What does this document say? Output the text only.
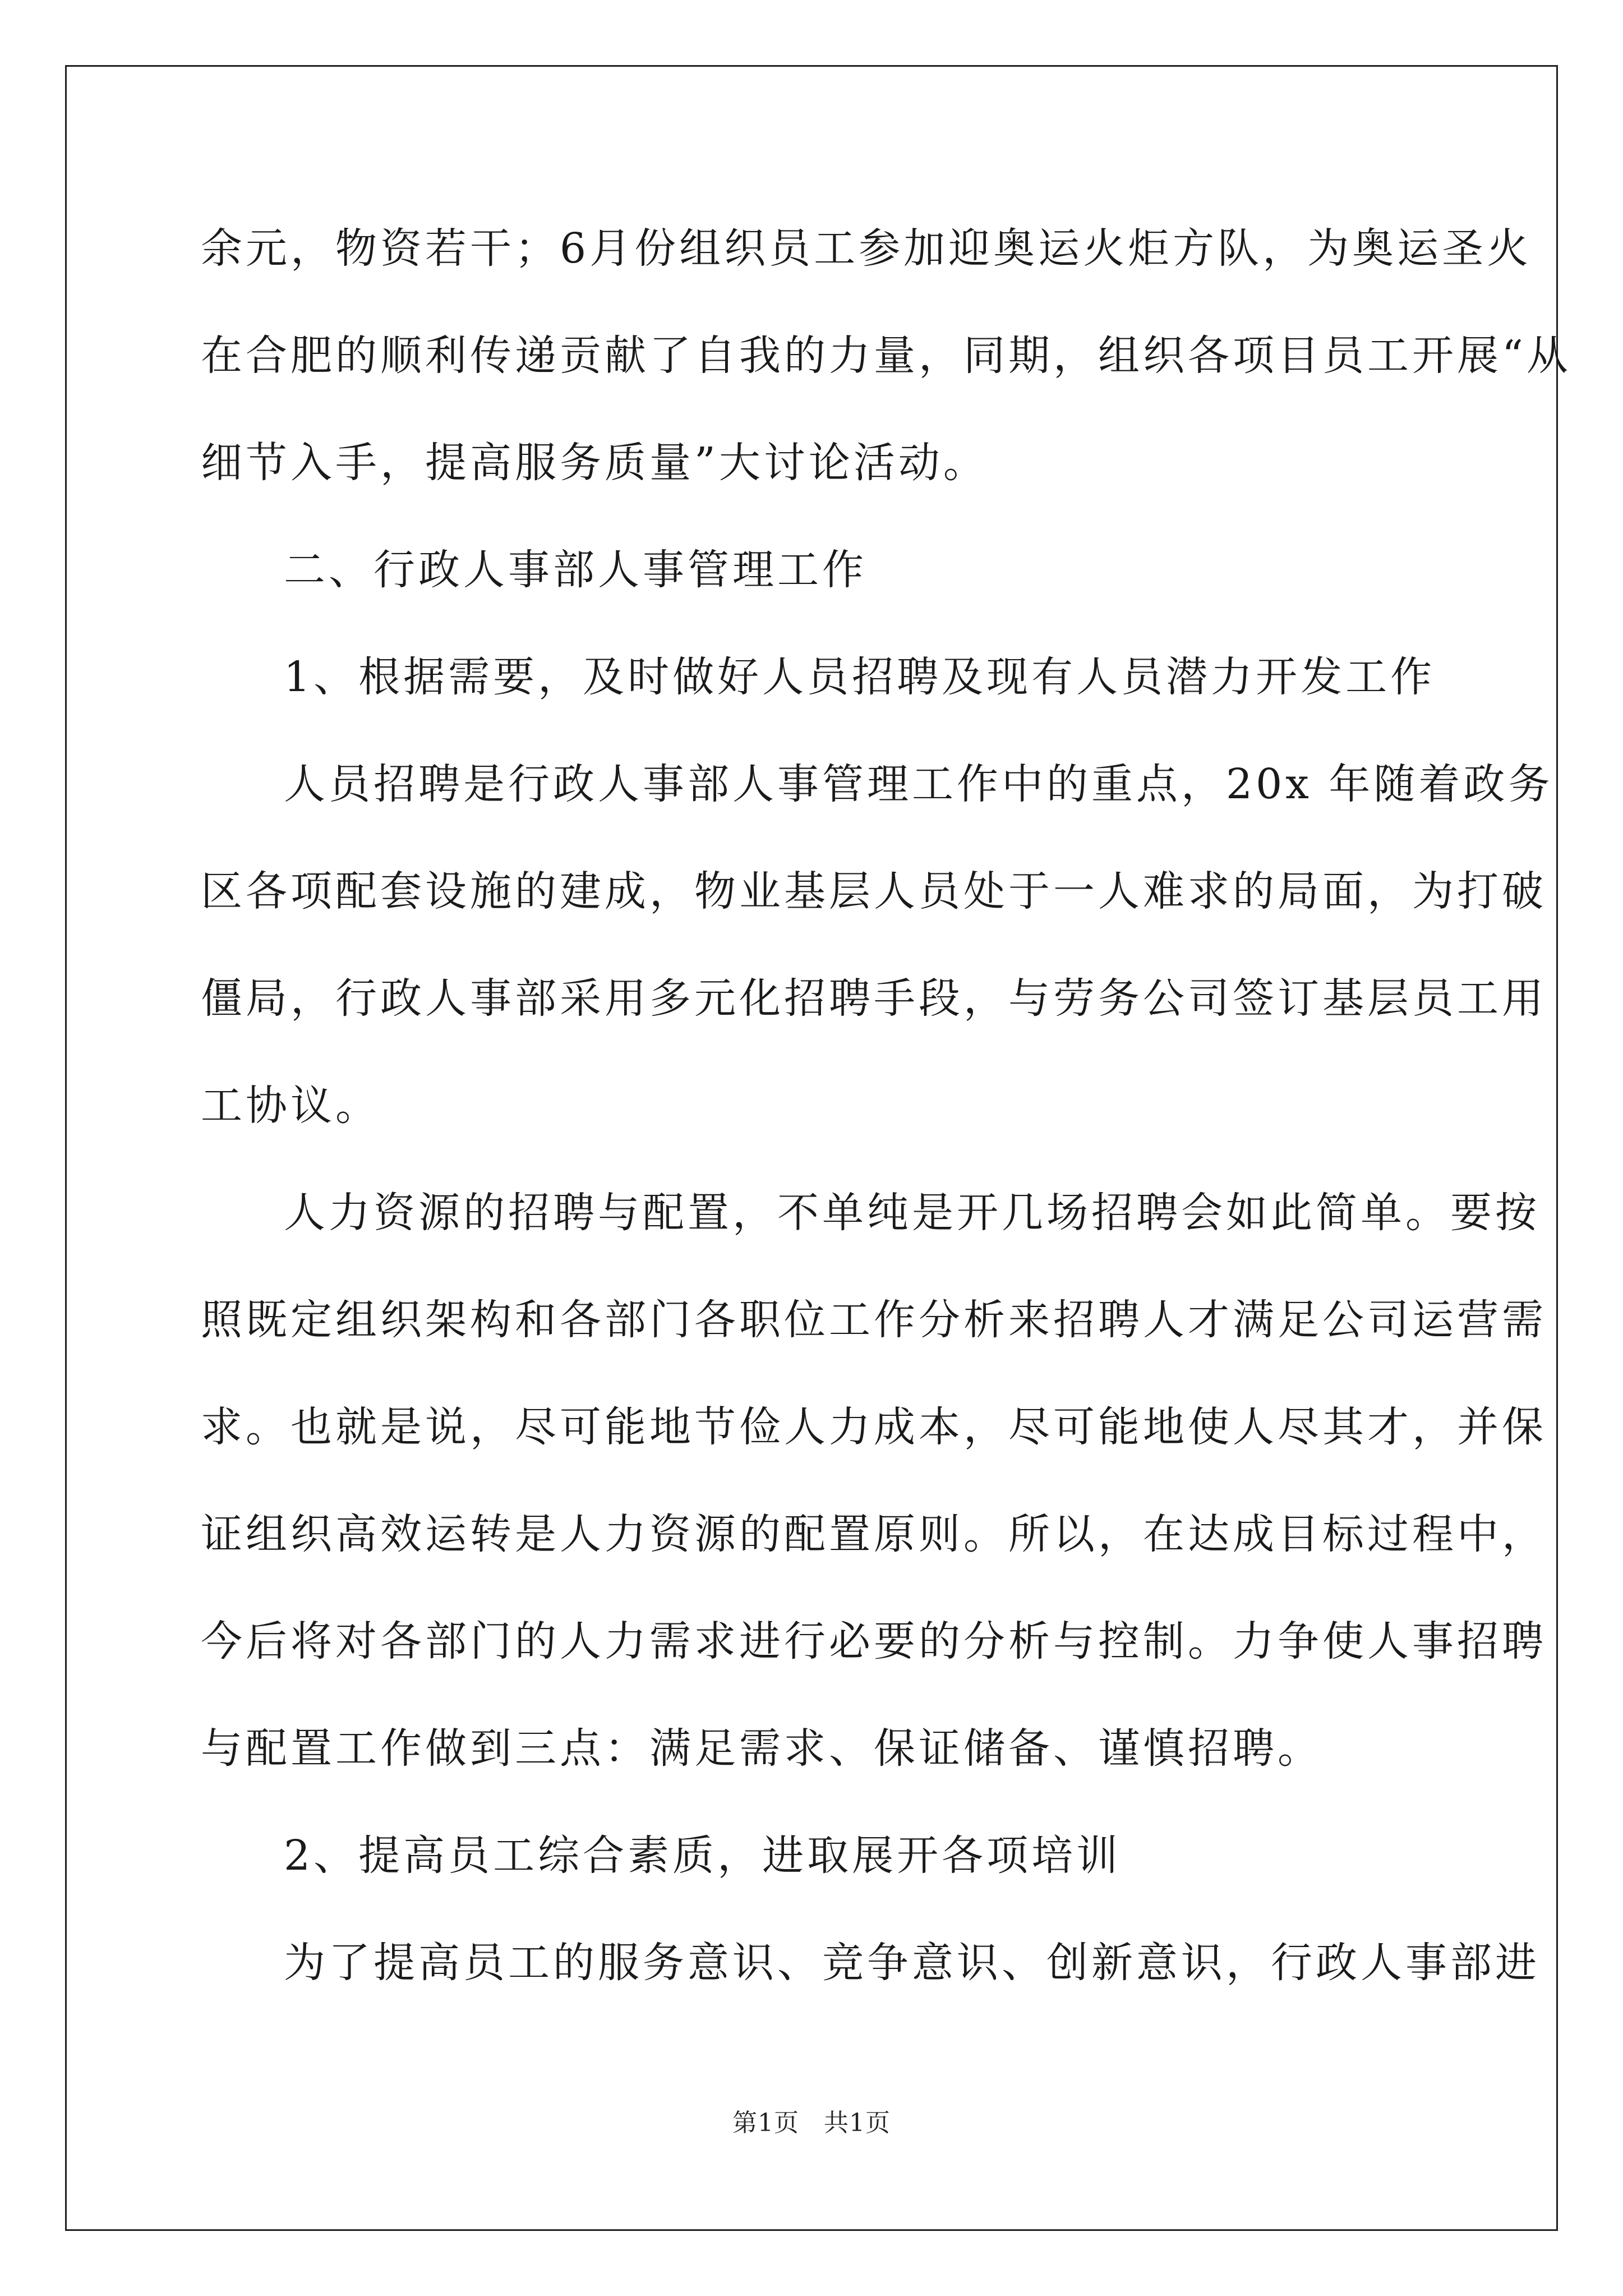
余元，物资若干；6月份组织员工参加迎奥运火炬方队，为奥运圣火
在合肥的顺利传递贡献了自我的力量，同期，组织各项目员工开展“从
细节入手，提高服务质量”大讨论活动。
二、行政人事部人事管理工作
1、根据需要，及时做好人员招聘及现有人员潜力开发工作
人员招聘是行政人事部人事管理工作中的重点，20x 年随着政务
区各项配套设施的建成，物业基层人员处于一人难求的局面，为打破
僵局，行政人事部采用多元化招聘手段，与劳务公司签订基层员工用
工协议。
人力资源的招聘与配置，不单纯是开几场招聘会如此简单。要按
照既定组织架构和各部门各职位工作分析来招聘人才满足公司运营需
求。也就是说，尽可能地节俭人力成本，尽可能地使人尽其才，并保
证组织高效运转是人力资源的配置原则。所以，在达成目标过程中，
今后将对各部门的人力需求进行必要的分析与控制。力争使人事招聘
与配置工作做到三点：满足需求、保证储备、谨慎招聘。
2、提高员工综合素质，进取展开各项培训
为了提高员工的服务意识、竞争意识、创新意识，行政人事部进
第1页 共1页
